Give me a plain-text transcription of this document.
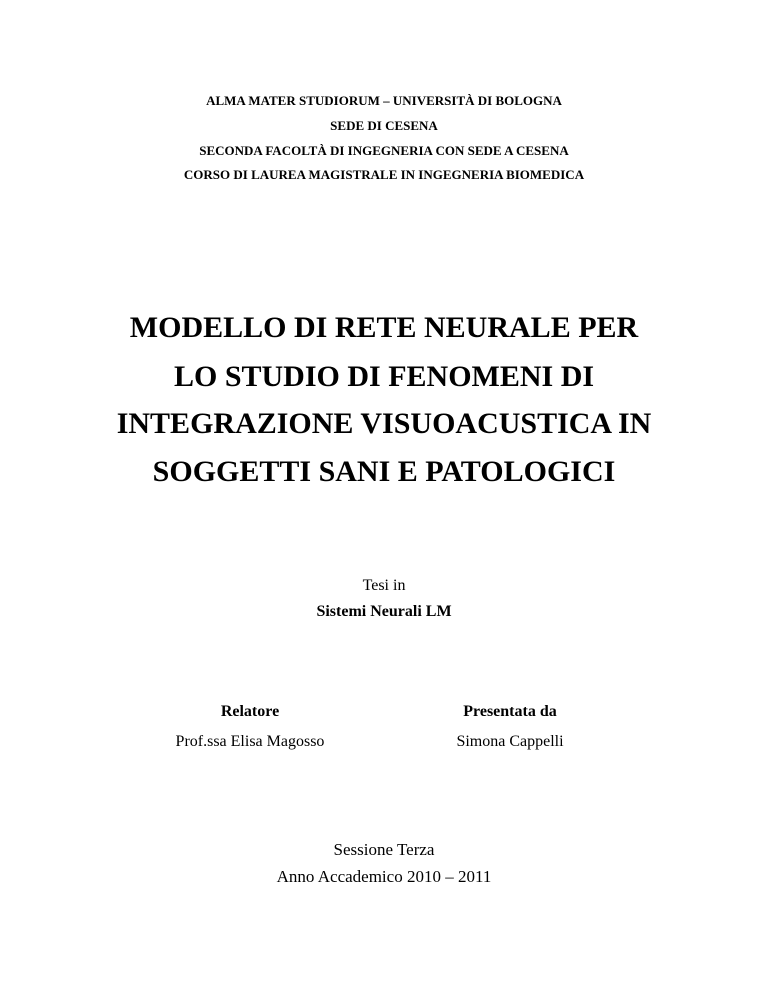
ALMA MATER STUDIORUM – UNIVERSITÀ DI BOLOGNA
SEDE DI CESENA
SECONDA FACOLTÀ DI INGEGNERIA CON SEDE A CESENA
CORSO DI LAUREA MAGISTRALE IN INGEGNERIA BIOMEDICA
MODELLO DI RETE NEURALE PER
LO STUDIO DI FENOMENI DI
INTEGRAZIONE VISUOACUSTICA IN
SOGGETTI SANI E PATOLOGICI
Tesi in
Sistemi Neurali LM
Relatore
Prof.ssa Elisa Magosso
Presentata da
Simona Cappelli
Sessione Terza
Anno Accademico 2010 – 2011
